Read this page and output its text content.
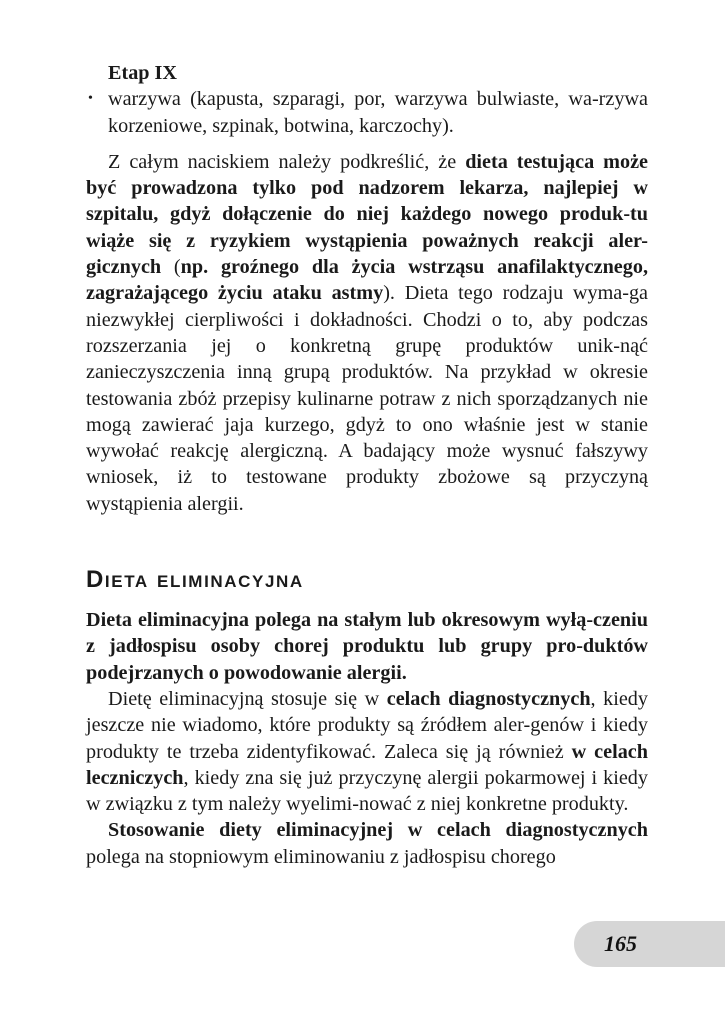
Etap IX
• warzywa (kapusta, szparagi, por, warzywa bulwiaste, wa-rzywa korzeniowe, szpinak, botwina, karczochy).

Z całym naciskiem należy podkreślić, że dieta testująca może być prowadzona tylko pod nadzorem lekarza, najlepiej w szpitalu, gdyż dołączenie do niej każdego nowego produk-tu wiąże się z ryzykiem wystąpienia poważnych reakcji aler-gicznych (np. groźnego dla życia wstrząsu anafilaktycznego, zagrażającego życiu ataku astmy). Dieta tego rodzaju wyma-ga niezwykłej cierpliwości i dokładności. Chodzi o to, aby podczas rozszerzania jej o konkretną grupę produktów unik-nąć zanieczyszczenia inną grupą produktów. Na przykład w okresie testowania zbóż przepisy kulinarne potraw z nich sporządzanych nie mogą zawierać jaja kurzego, gdyż to ono właśnie jest w stanie wywołać reakcję alergiczną. A badający może wysnuć fałszywy wniosek, iż to testowane produkty zbożowe są przyczyną wystąpienia alergii.

Dieta eliminacyjna

Dieta eliminacyjna polega na stałym lub okresowym wyłą-czeniu z jadłospisu osoby chorej produktu lub grupy pro-duktów podejrzanych o powodowanie alergii.

Dietę eliminacyjną stosuje się w celach diagnostycznych, kiedy jeszcze nie wiadomo, które produkty są źródłem aler-genów i kiedy produkty te trzeba zidentyfikować. Zaleca się ją również w celach leczniczych, kiedy zna się już przyczynę alergii pokarmowej i kiedy w związku z tym należy wyelimi-nować z niej konkretne produkty.

Stosowanie diety eliminacyjnej w celach diagnostycznych polega na stopniowym eliminowaniu z jadłospisu chorego

165
